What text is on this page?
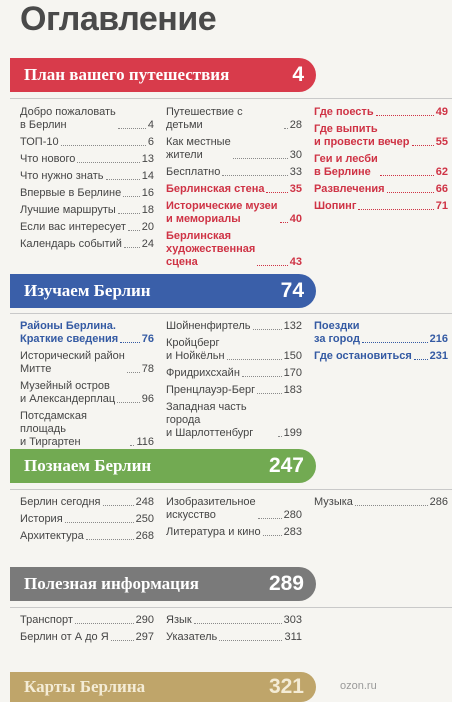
Оглавление
План вашего путешествия	4
Добро пожаловать
в Берлин	4
ТОП-10	6
Что нового	13
Что нужно знать	14
Впервые в Берлине 16
Лучшие маршруты 18
Если вас интересует 20
Календарь событий 24
Путешествие с детьми	28
Как местные
жители	30
Бесплатно	33
Берлинская стена 35
Исторические музеи
и мемориалы	40
Берлинская
художественная
сцена	43
Где поесть	49
Где выпить
и провести вечер 55
Геи и лесби
в Берлине	62
Развлечения	66
Шопинг	71
Изучаем Берлин	74
Районы Берлина.
Краткие сведения 76
Исторический район
Митте	78
Музейный остров
и Александерплац 96
Потсдамская площадь
и Тиргартен	116
Шойненфиртель	132
Кройцберг
и Нойкёльн	150
Фридрихсхайн	170
Пренцлауэр-Берг	183
Западная часть города
и Шарлоттенбург	199
Поездки
за город	216
Где остановиться 231
Познаем Берлин	247
Берлин сегодня	248
История	250
Архитектура	268
Изобразительное
искусство	280
Литература и кино 283
Музыка	286
Полезная информация	289
Транспорт	290
Берлин от А до Я 297
Язык	303
Указатель	311
Карты Берлина	321	ozon.ru
